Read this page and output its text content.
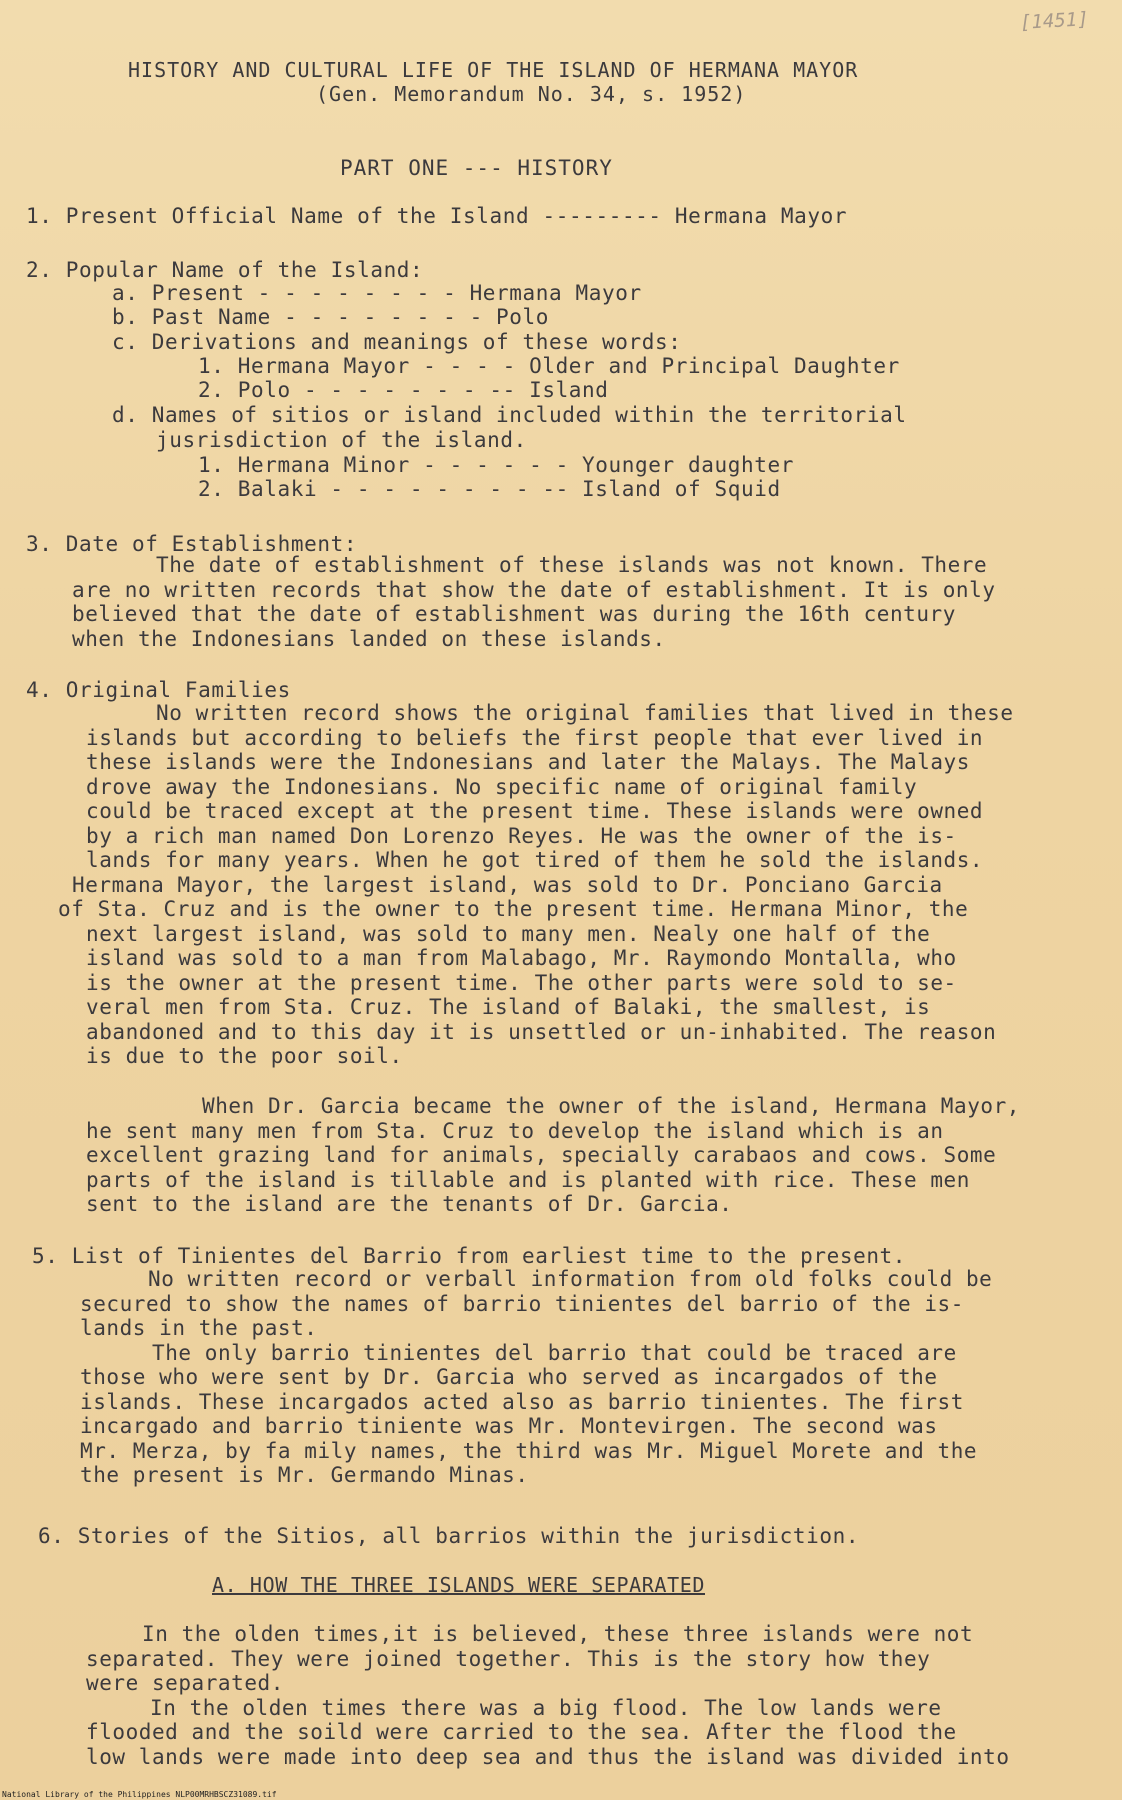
[1451]
HISTORY AND CULTURAL LIFE OF THE ISLAND OF HERMANA MAYOR
(Gen. Memorandum No. 34, s. 1952)
PART ONE --- HISTORY
1. Present Official Name of the Island --------- Hermana Mayor
2. Popular Name of the Island:
a. Present - - - - - - - - Hermana Mayor
b. Past Name - - - - - - - - Polo
c. Derivations and meanings of these words:
1. Hermana Mayor - - - - Older and Principal Daughter
2. Polo - - - - - - - -- Island
d. Names of sitios or island included within the territorial
jusrisdiction of the island.
1. Hermana Minor - - - - - - Younger daughter
2. Balaki - - - - - - - - -- Island of Squid
3. Date of Establishment:

The date of establishment of these islands was not known. There

are no written records that show the date of establishment. It is only

believed that the date of establishment was during the 16th century

when the Indonesians landed on these islands.

4. Original Families

No written record shows the original families that lived in these

islands but according to beliefs the first people that ever lived in

these islands were the Indonesians and later the Malays. The Malays

drove away the Indonesians. No specific name of original family

could be traced except at the present time. These islands were owned

by a rich man named Don Lorenzo Reyes. He was the owner of the is-

lands for many years. When he got tired of them he sold the islands.

Hermana Mayor, the largest island, was sold to Dr. Ponciano Garcia

of Sta. Cruz and is the owner to the present time. Hermana Minor, the

next largest island, was sold to many men. Nealy one half of the

island was sold to a man from Malabago, Mr. Raymondo Montalla, who

is the owner at the present time. The other parts were sold to se-

veral men from Sta. Cruz. The island of Balaki, the smallest, is

abandoned and to this day it is unsettled or un-inhabited. The reason

is due to the poor soil.

When Dr. Garcia became the owner of the island, Hermana Mayor,

he sent many men from Sta. Cruz to develop the island which is an

excellent grazing land for animals, specially carabaos and cows. Some

parts of the island is tillable and is planted with rice. These men

sent to the island are the tenants of Dr. Garcia.

5. List of Tinientes del Barrio from earliest time to the present.

No written record or verball information from old folks could be

secured to show the names of barrio tinientes del barrio of the is-

lands in the past.

The only barrio tinientes del barrio that could be traced are

those who were sent by Dr. Garcia who served as incargados of the

islands. These incargados acted also as barrio tinientes. The first

incargado and barrio tiniente was Mr. Montevirgen. The second was

Mr. Merza, by fa mily names, the third was Mr. Miguel Morete and the

the present is Mr. Germando Minas.

6. Stories of the Sitios, all barrios within the jurisdiction.
A. HOW THE THREE ISLANDS WERE SEPARATED

In the olden times,it is believed, these three islands were not

separated. They were joined together. This is the story how they

were separated.

In the olden times there was a big flood. The low lands were

flooded and the soild were carried to the sea. After the flood the

low lands were made into deep sea and thus the island was divided into

National Library of the Philippines NLP00MRHBSCZ31089.tif
